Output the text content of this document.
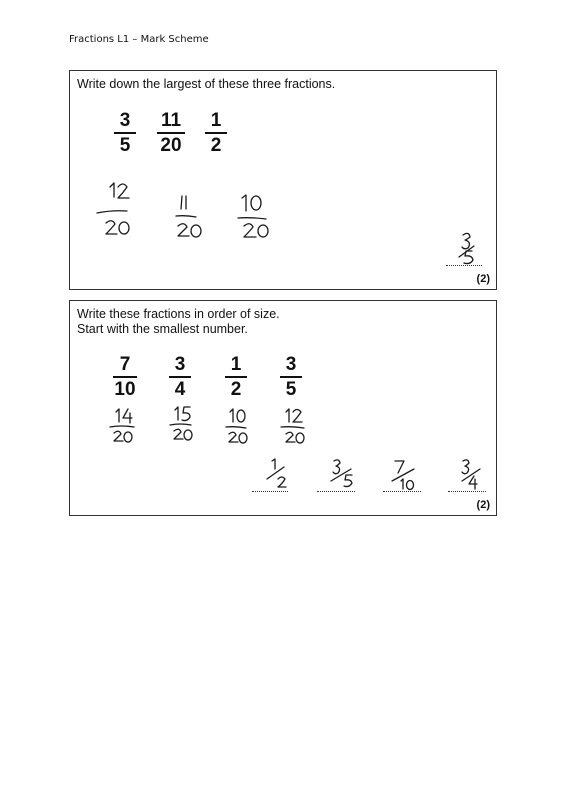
Fractions L1 – Mark Scheme
Write down the largest of these three fractions.
3
5
11
20
1
2
(2)
Write these fractions in order of size.
Start with the smallest number.
7
10
3
4
1
2
3
5
(2)
